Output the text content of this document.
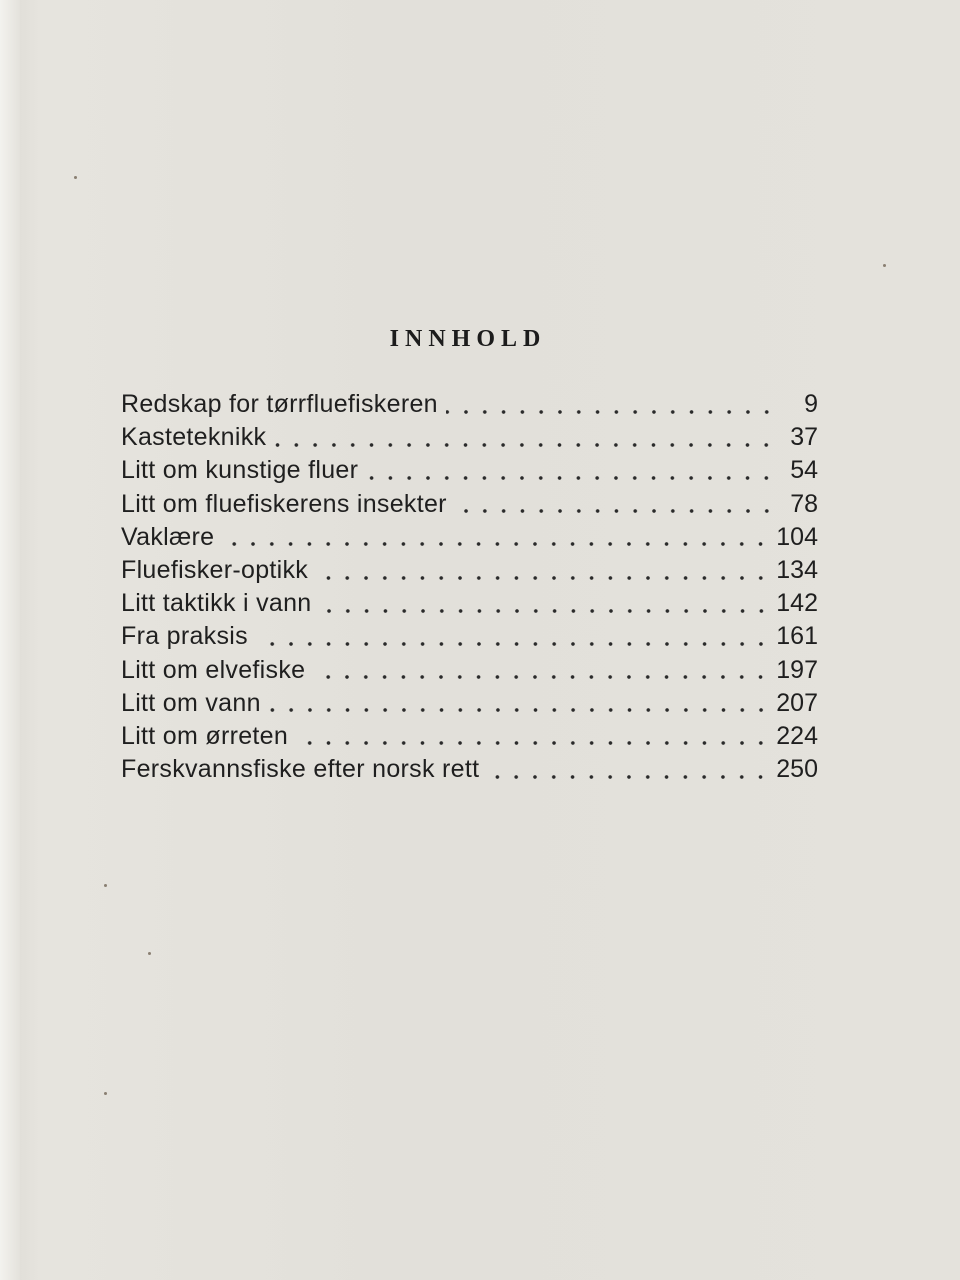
INNHOLD
Redskap for tørrfluefiskeren	9
Kasteteknikk	37
Litt om kunstige fluer	54
Litt om fluefiskerens insekter	78
Vaklære	104
Fluefisker-optikk	134
Litt taktikk i vann	142
Fra praksis	161
Litt om elvefiske	197
Litt om vann	207
Litt om ørreten	224
Ferskvannsfiske efter norsk rett	250
